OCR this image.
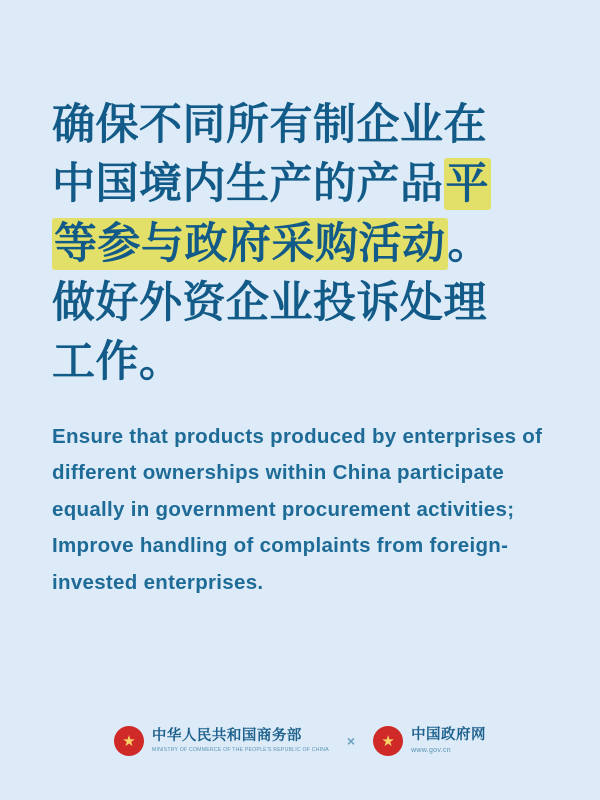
确保不同所有制企业在
中国境内生产的产品平
等参与政府采购活动。
做好外资企业投诉处理
工作。

Ensure that products produced by enterprises of different ownerships within China participate equally in government procurement activities; Improve handling of complaints from foreign-invested enterprises.

★ 中华人民共和国商务部
MINISTRY OF COMMERCE OF THE PEOPLE'S REPUBLIC OF CHINA
× ★ 中国政府网
www.gov.cn
